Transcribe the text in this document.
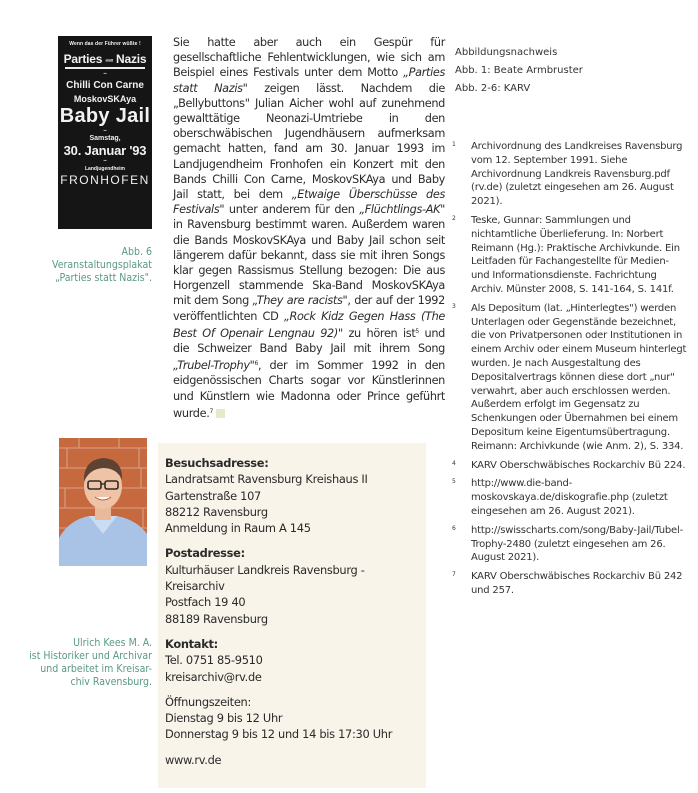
Wenn das der Führer wüßte !
Parties statt Nazis
–
Chilli Con Carne
MoskovSKAya
Baby Jail
–
Samstag,
30. Januar '93
–
Landjugendheim
FRONHOFEN
Abb. 6
Veranstaltungsplakat
„Parties statt Nazis".

Sie hatte aber auch ein Gespür für gesellschaftliche Fehlentwicklungen, wie sich am Beispiel eines Festivals unter dem Motto „Parties statt Nazis" zeigen lässt. Nachdem die „Bellybuttons" Julian Aicher wohl auf zunehmend gewalttätige Neonazi-Umtriebe in den oberschwäbischen Jugendhäusern aufmerksam gemacht hatten, fand am 30. Januar 1993 im Landjugendheim Fronhofen ein Konzert mit den Bands Chilli Con Carne, MoskovSKAya und Baby Jail statt, bei dem „Etwaige Überschüsse des Festivals" unter anderem für den „Flüchtlings-AK" in Ravensburg bestimmt waren. Außerdem waren die Bands MoskovSKAya und Baby Jail schon seit längerem dafür bekannt, dass sie mit ihren Songs klar gegen Rassismus Stellung bezogen: Die aus Horgenzell stammende Ska-Band MoskovSKAya mit dem Song „They are racists", der auf der 1992 veröffentlichten CD „Rock Kidz Gegen Hass (The Best Of Openair Lengnau 92)" zu hören ist$^5$ und die Schweizer Band Baby Jail mit ihrem Song „Trubel-Trophy"$^6$, der im Sommer 1992 in den eidgenössischen Charts sogar vor Künstlerinnen und Künstlern wie Madonna oder Prince geführt wurde.$^7$

Abbildungsnachweis
Abb. 1: Beate Armbruster
Abb. 2-6: KARV
1	Archivordnung des Landkreises Ravensburg vom 12. September 1991. Siehe Archivordnung Landkreis Ravensburg.pdf (rv.de) (zuletzt eingesehen am 26. August 2021).
2	Teske, Gunnar: Sammlungen und nichtamtliche Überlieferung. In: Norbert Reimann (Hg.): Praktische Archivkunde. Ein Leitfaden für Fachangestellte für Medien- und Informationsdienste. Fachrichtung Archiv. Münster 2008, S. 141-164, S. 141f.
3	Als Depositum (lat. „Hinterlegtes") werden Unterlagen oder Gegenstände bezeichnet, die von Privatpersonen oder Institutionen in einem Archiv oder einem Museum hinterlegt wurden. Je nach Ausgestaltung des Depositalvertrags können diese dort „nur" verwahrt, aber auch erschlossen werden. Außerdem erfolgt im Gegensatz zu Schenkungen oder Übernahmen bei einem Depositum keine Eigentumsübertragung. Reimann: Archivkunde (wie Anm. 2), S. 334.
4	KARV Oberschwäbisches Rockarchiv Bü 224.
5	http://www.die-band-moskovskaya.de/diskografie.php (zuletzt eingesehen am 26. August 2021).
6	http://swisscharts.com/song/Baby-Jail/Tubel-Trophy-2480 (zuletzt eingesehen am 26. August 2021).
7	KARV Oberschwäbisches Rockarchiv Bü 242 und 257.
Ulrich Kees M. A.
ist Historiker und Archivar
und arbeitet im Kreisar-
chiv Ravensburg.
Besuchsadresse:
Landratsamt Ravensburg Kreishaus II
Gartenstraße 107
88212 Ravensburg
Anmeldung in Raum A 145
Postadresse:
Kulturhäuser Landkreis Ravensburg - Kreisarchiv
Postfach 19 40
88189 Ravensburg
Kontakt:
Tel. 0751 85-9510
kreisarchiv@rv.de
Öffnungszeiten:
Dienstag 9 bis 12 Uhr
Donnerstag 9 bis 12 und 14 bis 17:30 Uhr
www.rv.de
